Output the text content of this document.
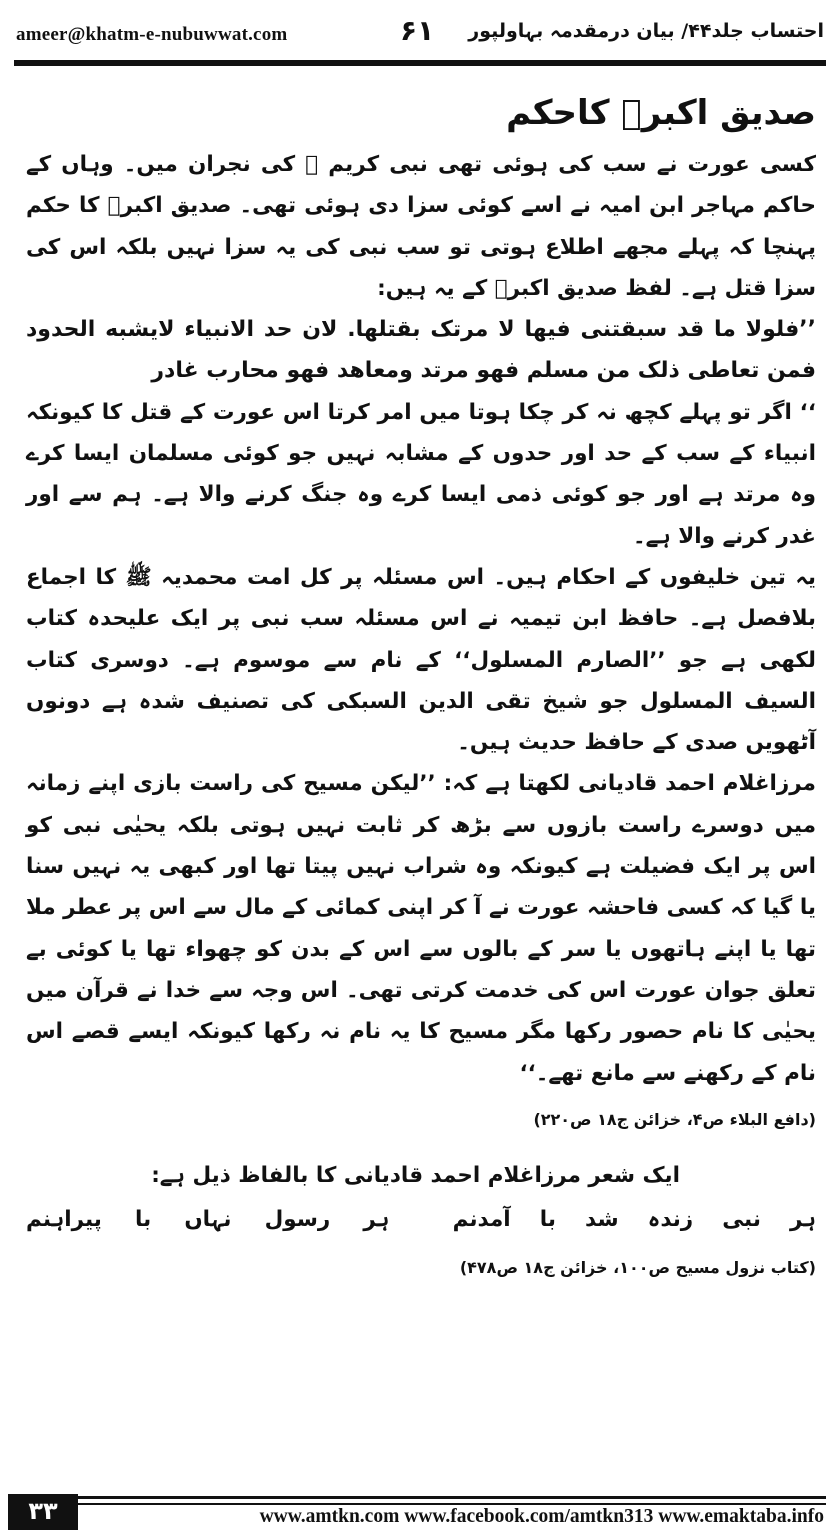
ameer@khatm-e-nubuwwat.com	۶۱ احتساب جلد۴۴/ بیان درمقدمہ بہاولپور
صدیق اکبرؓ کاحکم

کسی عورت نے سب کی ہوئی تھی نبی کریم ﷺ کی نجران میں۔ وہاں کے حاکم مہاجر ابن امیہ نے اسے کوئی سزا دی ہوئی تھی۔ صدیق اکبرؓ کا حکم پہنچا کہ پہلے مجھے اطلاع ہوتی تو سب نبی کی یہ سزا نہیں بلکہ اس کی سزا قتل ہے۔ لفظ صدیق اکبرؓ کے یہ ہیں:

’’فلولا ما قد سبقتنی فیھا لا مرتک بقتلھا. لان حد الانبیاء لایشبه الحدود فمن تعاطی ذلک من مسلم فھو مرتد ومعاھد فھو محارب غادر

‘‘ اگر تو پہلے کچھ نہ کر چکا ہوتا میں امر کرتا اس عورت کے قتل کا کیونکہ انبیاء کے سب کے حد اور حدوں کے مشابہ نہیں جو کوئی مسلمان ایسا کرے وہ مرتد ہے اور جو کوئی ذمی ایسا کرے وہ جنگ کرنے والا ہے۔ ہم سے اور غدر کرنے والا ہے۔

یہ تین خلیفوں کے احکام ہیں۔ اس مسئلہ پر کل امت محمدیہ ﷺ کا اجماع بلافصل ہے۔ حافظ ابن تیمیہ نے اس مسئلہ سب نبی پر ایک علیحدہ کتاب لکھی ہے جو ’’الصارم المسلول‘‘ کے نام سے موسوم ہے۔ دوسری کتاب السیف المسلول جو شیخ تقی الدین السبکی کی تصنیف شدہ ہے دونوں آٹھویں صدی کے حافظ حدیث ہیں۔

مرزاغلام احمد قادیانی لکھتا ہے کہ: ’’لیکن مسیح کی راست بازی اپنے زمانہ میں دوسرے راست بازوں سے بڑھ کر ثابت نہیں ہوتی بلکہ یحیٰی نبی کو اس پر ایک فضیلت ہے کیونکہ وہ شراب نہیں پیتا تھا اور کبھی یہ نہیں سنا یا گیا کہ کسی فاحشہ عورت نے آ کر اپنی کمائی کے مال سے اس پر عطر ملا تھا یا اپنے ہاتھوں یا سر کے بالوں سے اس کے بدن کو چھواء تھا یا کوئی بے تعلق جوان عورت اس کی خدمت کرتی تھی۔ اس وجہ سے خدا نے قرآن میں یحیٰی کا نام حصور رکھا مگر مسیح کا یہ نام نہ رکھا کیونکہ ایسے قصے اس نام کے رکھنے سے مانع تھے۔‘‘

(دافع البلاء ص۴، خزائن ج۱۸ ص۲۲۰)

ایک شعر مرزاغلام احمد قادیانی کا بالفاظ ذیل ہے:

ہر
نبی
زندہ
شد
با
آمدنم
ہر
رسول
نہاں
با
پیراہنم

(کتاب نزول مسیح ص۱۰۰، خزائن ج۱۸ ص۴۷۸)

۳۳	www.amtkn.com www.facebook.com/amtkn313 www.emaktaba.info
